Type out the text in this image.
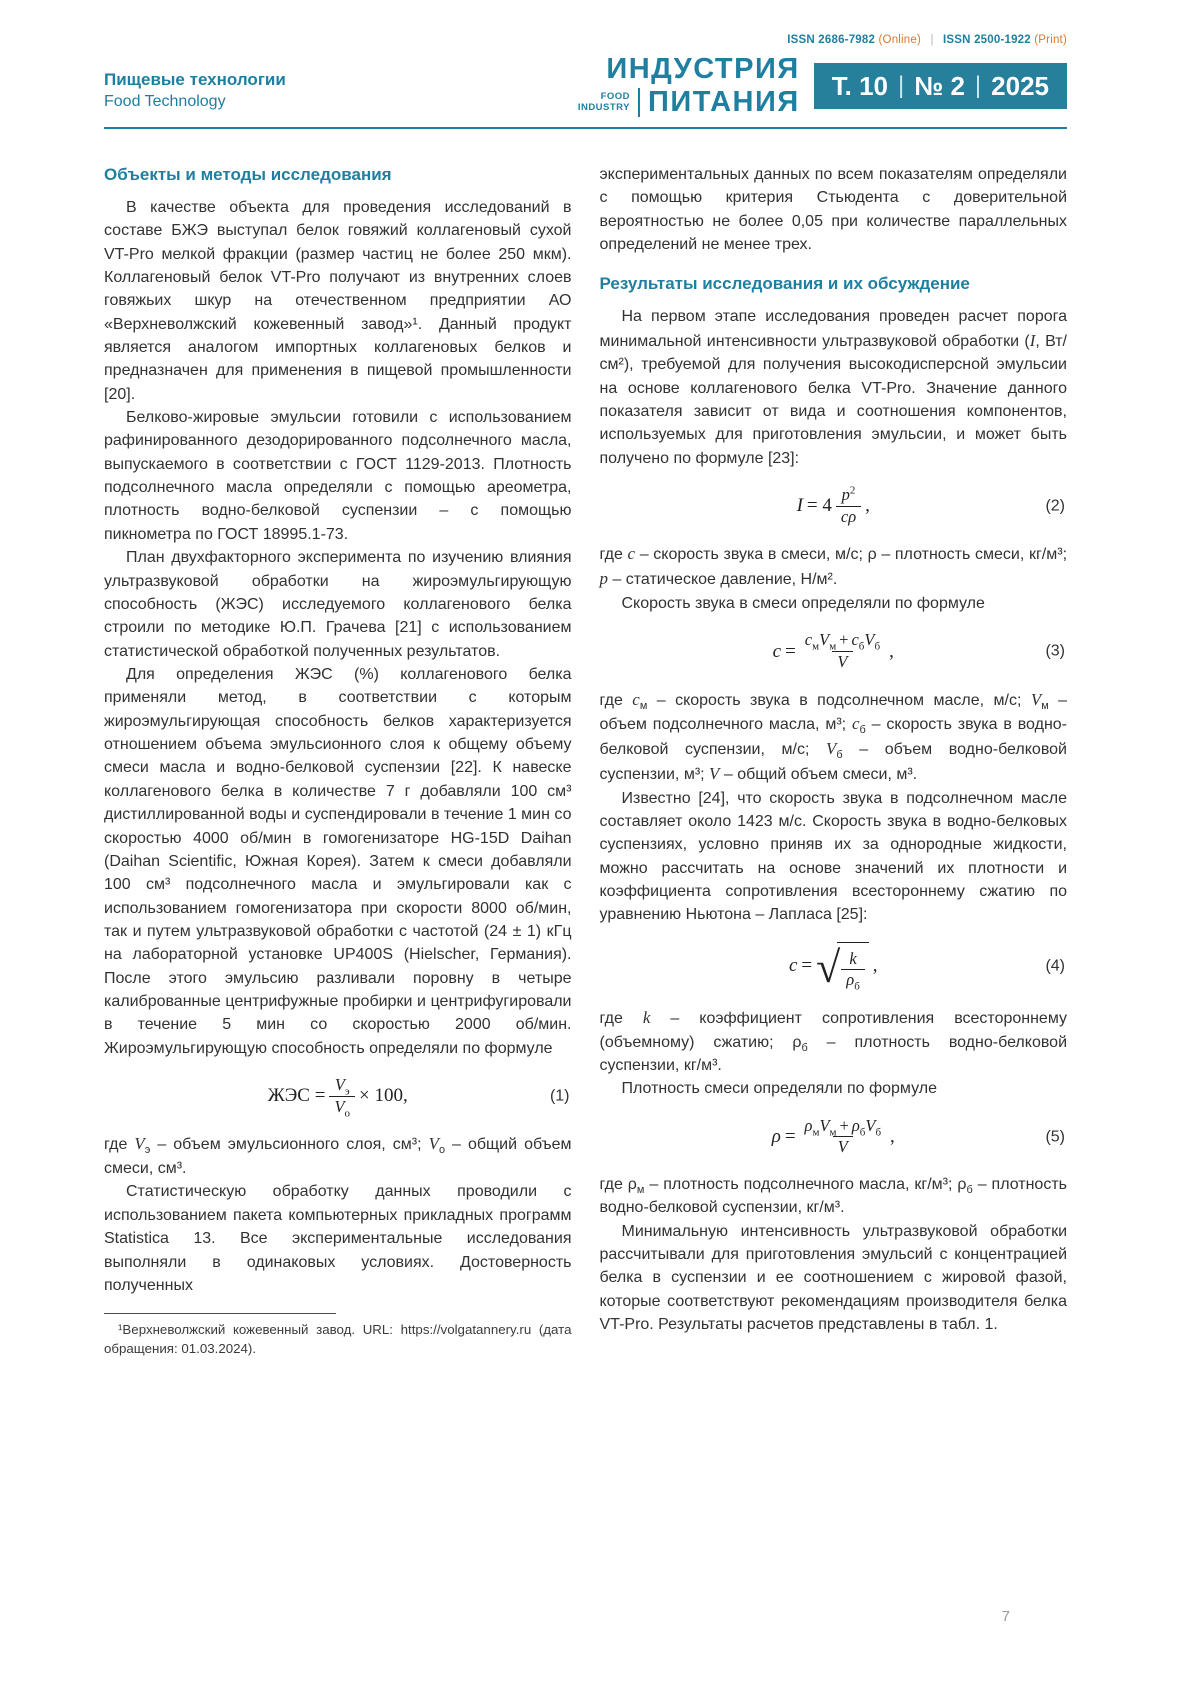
Пищевые технологии
Food Technology
ISSN 2686-7982 (Online) | ISSN 2500-1922 (Print)
ИНДУСТРИЯ
FOOD
INDUSTRY ПИТАНИЯ Т. 10 | № 2 | 2025
Объекты и методы исследования

В качестве объекта для проведения исследований в составе БЖЭ выступал белок говяжий коллагеновый сухой VT-Pro мелкой фракции (размер частиц не более 250 мкм). Коллагеновый белок VT-Pro получают из внутренних слоев говяжьих шкур на отечественном предприятии АО «Верхневолжский кожевенный завод»¹. Данный продукт является аналогом импортных коллагеновых белков и предназначен для применения в пищевой промышленности [20].

Белково-жировые эмульсии готовили с использованием рафинированного дезодорированного подсолнечного масла, выпускаемого в соответствии с ГОСТ 1129-2013. Плотность подсолнечного масла определяли с помощью ареометра, плотность водно-белковой суспензии – с помощью пикнометра по ГОСТ 18995.1-73.

План двухфакторного эксперимента по изучению влияния ультразвуковой обработки на жироэмульгирующую способность (ЖЭС) исследуемого коллагенового белка строили по методике Ю.П. Грачева [21] с использованием статистической обработкой полученных результатов.

Для определения ЖЭС (%) коллагенового белка применяли метод, в соответствии с которым жироэмульгирующая способность белков характеризуется отношением объема эмульсионного слоя к общему объему смеси масла и водно-белковой суспензии [22]. К навеске коллагенового белка в количестве 7 г добавляли 100 см³ дистиллированной воды и суспендировали в течение 1 мин со скоростью 4000 об/мин в гомогенизаторе HG-15D Daihan (Daihan Scientific, Южная Корея). Затем к смеси добавляли 100 см³ подсолнечного масла и эмульгировали как с использованием гомогенизатора при скорости 8000 об/мин, так и путем ультразвуковой обработки с частотой (24 ± 1) кГц на лабораторной установке UP400S (Hielscher, Германия). После этого эмульсию разливали поровну в четыре калиброванные центрифужные пробирки и центрифугировали в течение 5 мин со скоростью 2000 об/мин. Жироэмульгирующую способность определяли по формуле

ЖЭС = $\frac{V_э}{V_о} \times 100$,	(1)

где $V_э$ – объем эмульсионного слоя, см³; $V_о$ – общий объем смеси, см³.

Статистическую обработку данных проводили с использованием пакета компьютерных прикладных программ Statistica 13. Все экспериментальные исследования выполняли в одинаковых условиях. Достоверность полученных

¹Верхневолжский кожевенный завод. URL: https://volgatannery.ru (дата обращения: 01.03.2024).

экспериментальных данных по всем показателям определяли с помощью критерия Стьюдента с доверительной вероятностью не более 0,05 при количестве параллельных определений не менее трех.

Результаты исследования и их обсуждение

На первом этапе исследования проведен расчет порога минимальной интенсивности ультразвуковой обработки (I, Вт/см²), требуемой для получения высокодисперсной эмульсии на основе коллагенового белка VT-Pro. Значение данного показателя зависит от вида и соотношения компонентов, используемых для приготовления эмульсии, и может быть получено по формуле [23]:

$I = 4 \frac{p^2}{c\rho}$ ,	(2)

где c – скорость звука в смеси, м/с; ρ – плотность смеси, кг/м³; p – статическое давление, Н/м².

Скорость звука в смеси определяли по формуле

$c = \frac{c_мV_м + c_бV_б}{V}$ ,	(3)

где $c_м$ – скорость звука в подсолнечном масле, м/с; $V_м$ – объем подсолнечного масла, м³; $c_б$ – скорость звука в водно-белковой суспензии, м/с; $V_б$ – объем водно-белковой суспензии, м³; V – общий объем смеси, м³.

Известно [24], что скорость звука в подсолнечном масле составляет около 1423 м/с. Скорость звука в водно-белковых суспензиях, условно приняв их за однородные жидкости, можно рассчитать на основе значений их плотности и коэффициента сопротивления всестороннему сжатию по уравнению Ньютона – Лапласа [25]:

c = √ $\frac{k}{\rho_б}$ ,	(4)

где k – коэффициент сопротивления всестороннему (объемному) сжатию; $\rho_б$ – плотность водно-белковой суспензии, кг/м³.

Плотность смеси определяли по формуле

$\rho = \frac{\rho_мV_м + \rho_бV_б}{V}$ ,	(5)

где $\rho_м$ – плотность подсолнечного масла, кг/м³; $\rho_б$ – плотность водно-белковой суспензии, кг/м³.

Минимальную интенсивность ультразвуковой обработки рассчитывали для приготовления эмульсий с концентрацией белка в суспензии и ее соотношением с жировой фазой, которые соответствуют рекомендациям производителя белка VT-Pro. Результаты расчетов представлены в табл. 1.

7
